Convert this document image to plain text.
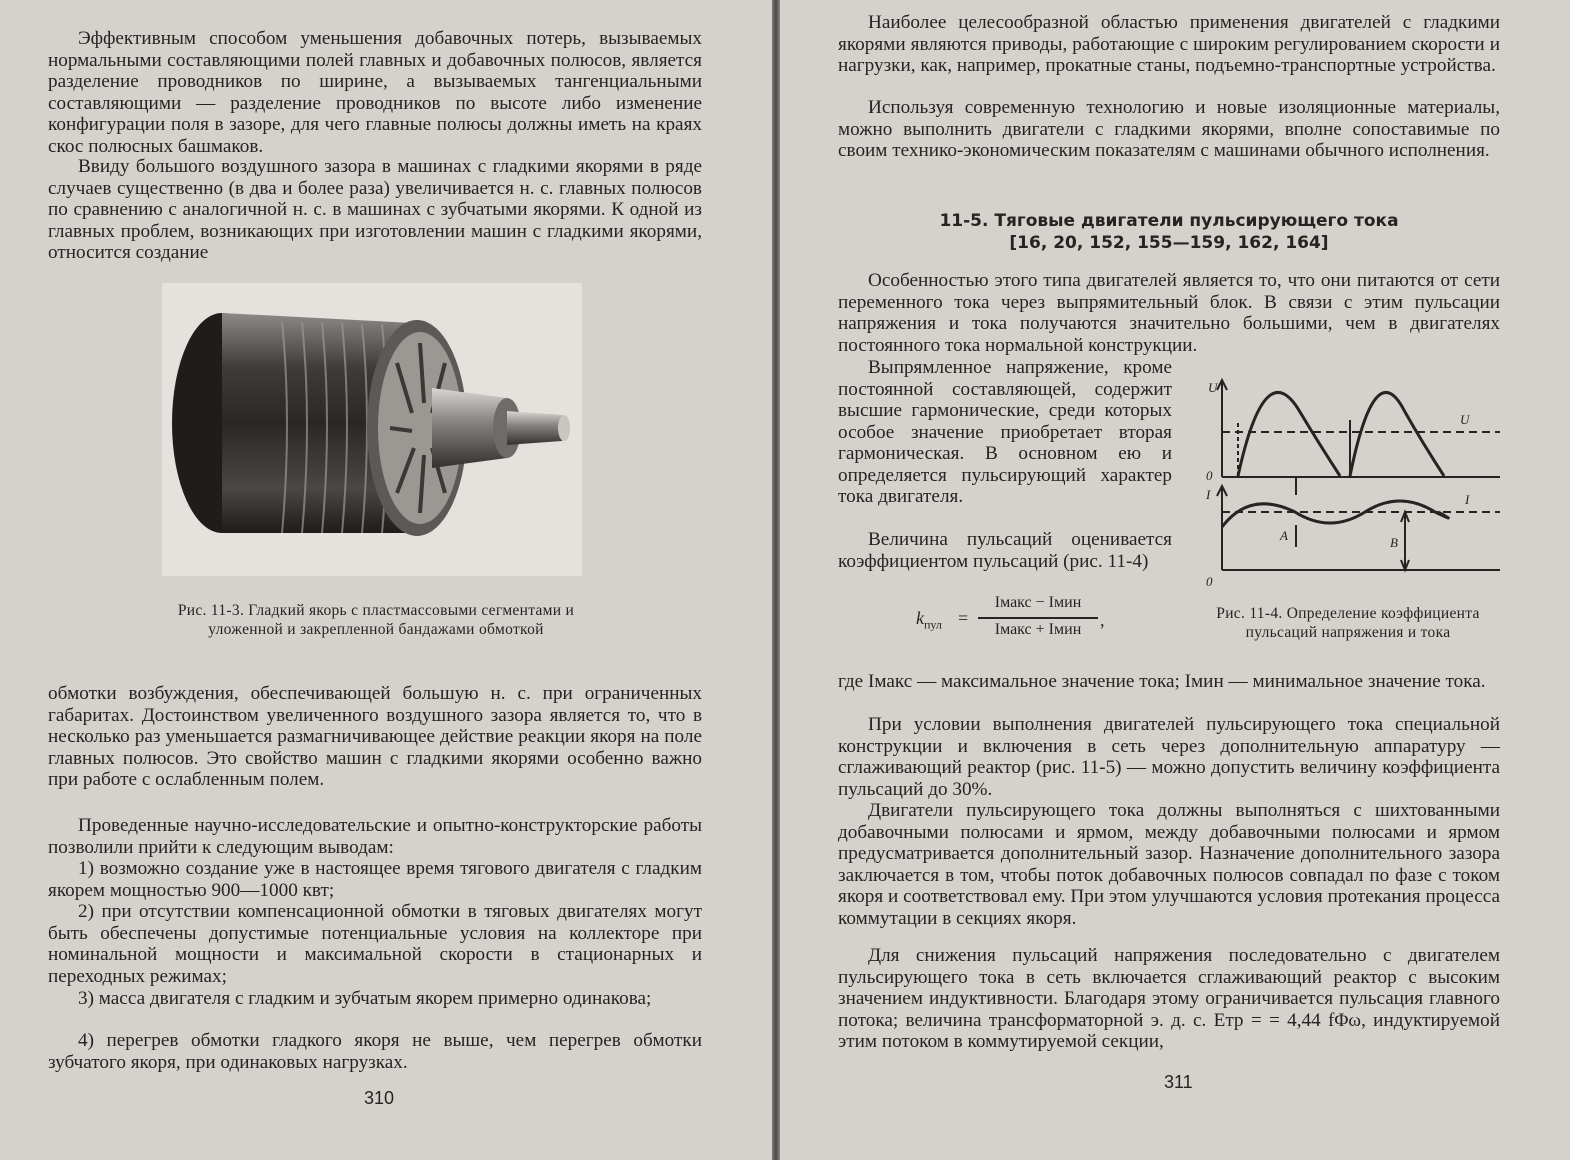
Эффективным способом уменьшения добавочных потерь, вызываемых нормальными составляющими полей главных и добавочных полюсов, является разделение проводников по ширине, а вызываемых тангенциальными составляющими — разделение проводников по высоте либо изменение конфигурации поля в зазоре, для чего главные полюсы должны иметь на краях скос полюсных башмаков.

Ввиду большого воздушного зазора в машинах с гладкими якорями в ряде случаев существенно (в два и более раза) увеличивается н. с. главных полюсов по сравнению с аналогичной н. с. в машинах с зубчатыми якорями. К одной из главных проблем, возникающих при изготовлении машин с гладкими якорями, относится создание

Рис. 11-3. Гладкий якорь с пластмассовыми сегментами и уложенной и закрепленной бандажами обмоткой

обмотки возбуждения, обеспечивающей большую н. с. при ограниченных габаритах. Достоинством увеличенного воздушного зазора является то, что в несколько раз уменьшается размагничивающее действие реакции якоря на поле главных полюсов. Это свойство машин с гладкими якорями особенно важно при работе с ослабленным полем.

Проведенные научно-исследовательские и опытно-конструкторские работы позволили прийти к следующим выводам:

1) возможно создание уже в настоящее время тягового двигателя с гладким якорем мощностью 900—1000 квт;

2) при отсутствии компенсационной обмотки в тяговых двигателях могут быть обеспечены допустимые потенциальные условия на коллекторе при номинальной мощности и максимальной скорости в стационарных и переходных режимах;

3) масса двигателя с гладким и зубчатым якорем примерно одинакова;

4) перегрев обмотки гладкого якоря не выше, чем перегрев обмотки зубчатого якоря, при одинаковых нагрузках.

310

Наиболее целесообразной областью применения двигателей с гладкими якорями являются приводы, работающие с широким регулированием скорости и нагрузки, как, например, прокатные станы, подъемно-транспортные устройства.

Используя современную технологию и новые изоляционные материалы, можно выполнить двигатели с гладкими якорями, вполне сопоставимые по своим технико-экономическим показателям с машинами обычного исполнения.

11-5. Тяговые двигатели пульсирующего тока
[16, 20, 152, 155—159, 162, 164]

Особенностью этого типа двигателей является то, что они питаются от сети переменного тока через выпрямительный блок. В связи с этим пульсации напряжения и тока получаются значительно большими, чем в двигателях постоянного тока нормальной конструкции.

Выпрямленное напряжение, кроме постоянной составляющей, содержит высшие гармонические, среди которых особое значение приобретает вторая гармоническая. В основном ею и определяется пульсирующий характер тока двигателя.

Величина пульсаций оценивается коэффициентом пульсаций (рис. 11-4)

Рис. 11-4. Определение коэффициента пульсаций напряжения и тока

где Iмакс — максимальное значение тока; Iмин — минимальное значение тока.

При условии выполнения двигателей пульсирующего тока специальной конструкции и включения в сеть через дополнительную аппаратуру — сглаживающий реактор (рис. 11-5) — можно допустить величину коэффициента пульсаций до 30%.

Двигатели пульсирующего тока должны выполняться с шихтованными добавочными полюсами и ярмом, между добавочными полюсами и ярмом предусматривается дополнительный зазор. Назначение дополнительного зазора заключается в том, чтобы поток добавочных полюсов совпадал по фазе с током якоря и соответствовал ему. При этом улучшаются условия протекания процесса коммутации в секциях якоря.

Для снижения пульсаций напряжения последовательно с двигателем пульсирующего тока в сеть включается сглаживающий реактор с высоким значением индуктивности. Благодаря этому ограничивается пульсация главного потока; величина трансформаторной э. д. с. Eтр = = 4,44 fΦω, индуктируемой этим потоком в коммутируемой секции,

311
$k_{пул}$ =
Iмакс − Iмин
Iмакс + Iмин	,
U
0
U
I
0
I
A	B
